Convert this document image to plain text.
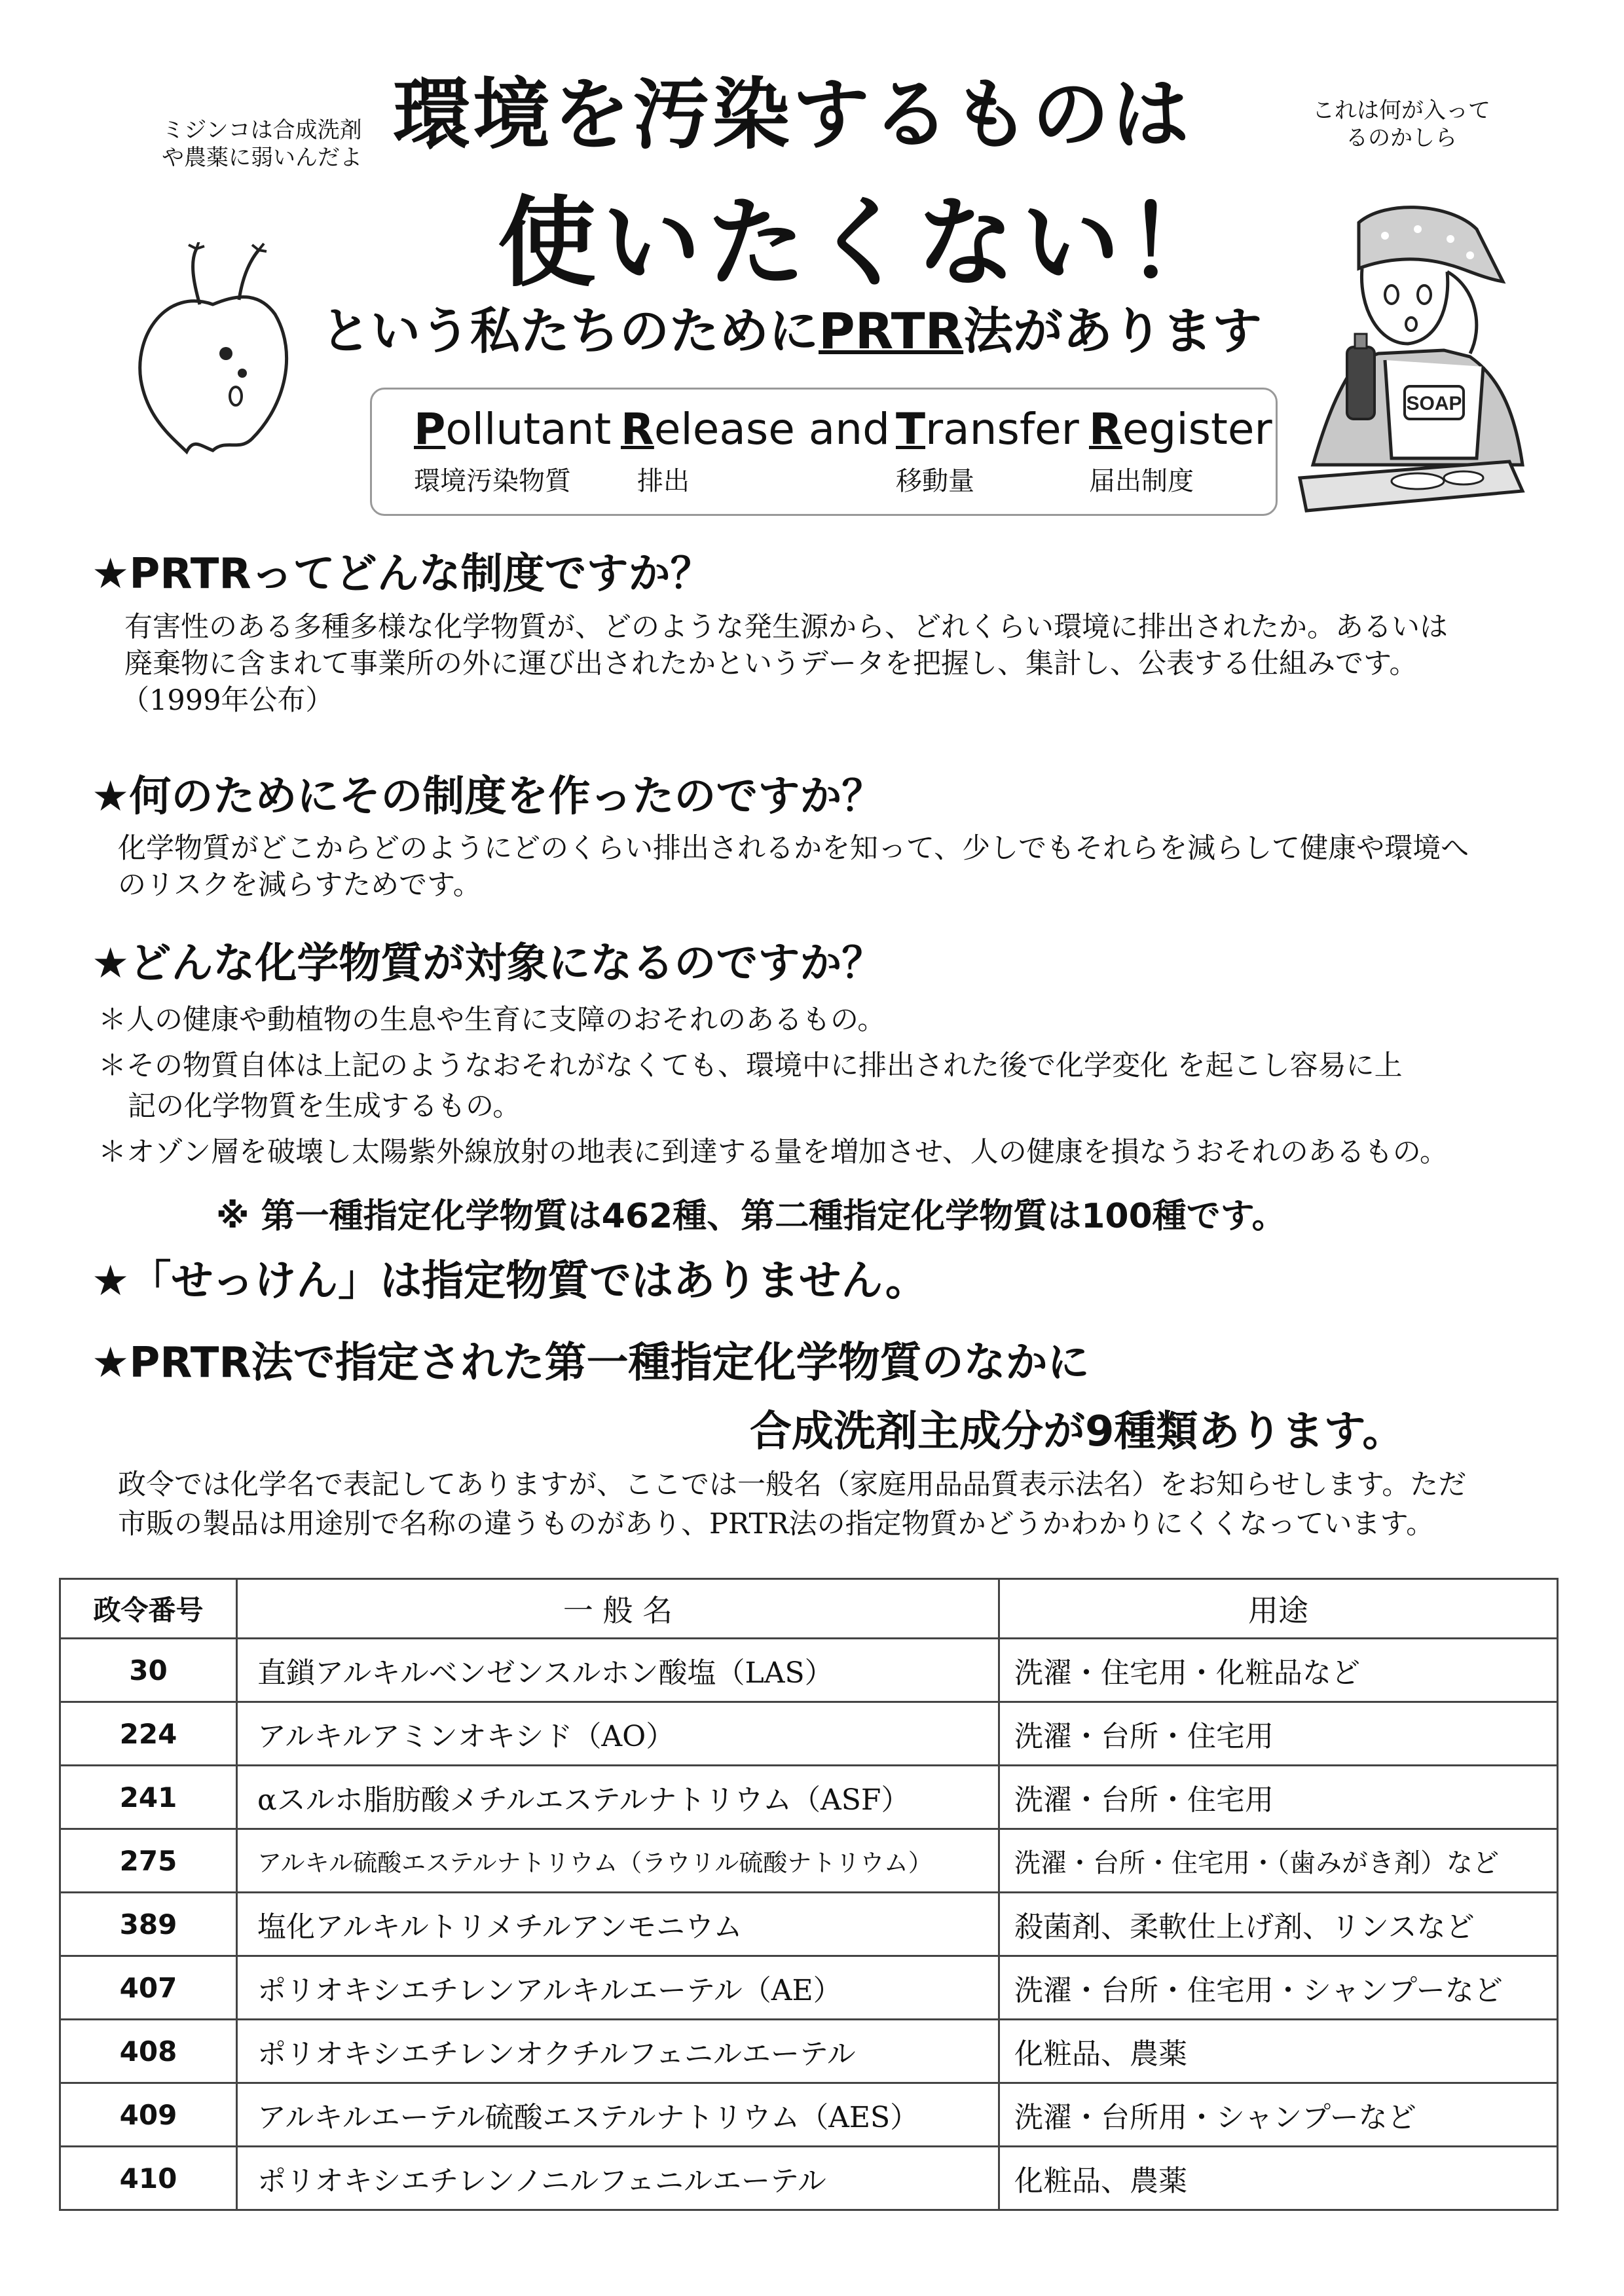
環境を汚染するものは
使いたくない！
という私たちのためにPRTR法があります
ミジンコは合成洗剤や農薬に弱いんだよ
これは何が入ってるのかしら
SOAP
Pollutant
環境汚染物質
Release and
排出
Transfer
移動量
Register
届出制度
★PRTRってどんな制度ですか？
有害性のある多種多様な化学物質が、どのような発生源から、どれくらい環境に排出されたか。あるいは
廃棄物に含まれて事業所の外に運び出されたかというデータを把握し、集計し、公表する仕組みです。
（1999年公布）
★何のためにその制度を作ったのですか？
化学物質がどこからどのようにどのくらい排出されるかを知って、少しでもそれらを減らして健康や環境へ
のリスクを減らすためです。
★どんな化学物質が対象になるのですか？
＊人の健康や動植物の生息や生育に支障のおそれのあるもの。
＊その物質自体は上記のようなおそれがなくても、環境中に排出された後で化学変化 を起こし容易に上
記の化学物質を生成するもの。
＊オゾン層を破壊し太陽紫外線放射の地表に到達する量を増加させ、人の健康を損なうおそれのあるもの。
※ 第一種指定化学物質は462種、第二種指定化学物質は100種です。
★「せっけん」は指定物質ではありません。
★PRTR法で指定された第一種指定化学物質のなかに
合成洗剤主成分が9種類あります。
政令では化学名で表記してありますが、ここでは一般名（家庭用品品質表示法名）をお知らせします。ただ
市販の製品は用途別で名称の違うものがあり、PRTR法の指定物質かどうかわかりにくくなっています。
政令番号	一 般 名	用途
30	直鎖アルキルベンゼンスルホン酸塩（LAS）	洗濯・住宅用・化粧品など
224	アルキルアミンオキシド（AO）	洗濯・台所・住宅用
241	αスルホ脂肪酸メチルエステルナトリウム（ASF）	洗濯・台所・住宅用
275	アルキル硫酸エステルナトリウム（ラウリル硫酸ナトリウム）	洗濯・台所・住宅用・（歯みがき剤）など
389	塩化アルキルトリメチルアンモニウム	殺菌剤、柔軟仕上げ剤、リンスなど
407	ポリオキシエチレンアルキルエーテル（AE）	洗濯・台所・住宅用・シャンプーなど
408	ポリオキシエチレンオクチルフェニルエーテル	化粧品、農薬
409	アルキルエーテル硫酸エステルナトリウム（AES）	洗濯・台所用・シャンプーなど
410	ポリオキシエチレンノニルフェニルエーテル	化粧品、農薬
